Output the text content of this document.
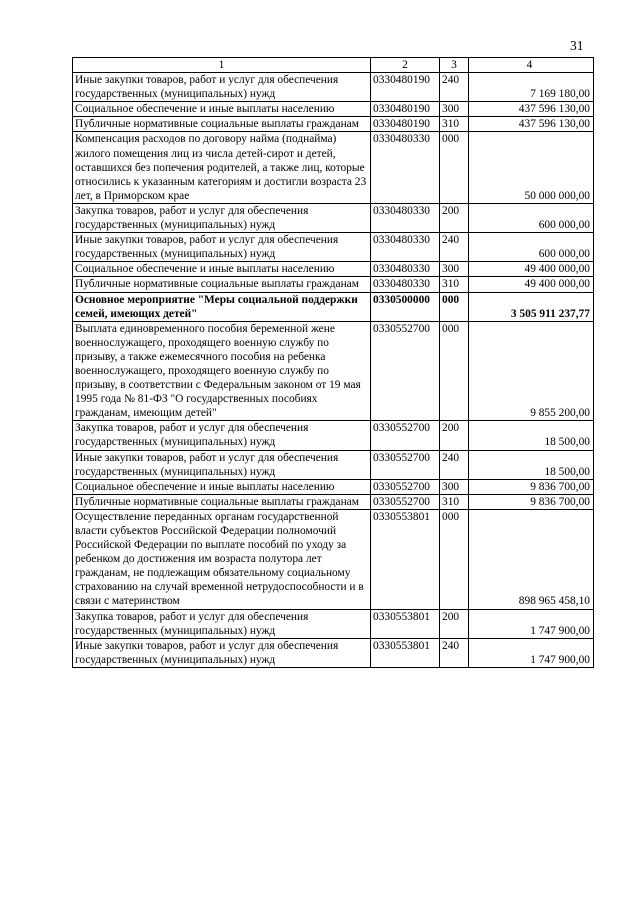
31
1	2	3	4
Иные закупки товаров, работ и услуг для обеспечения государственных (муниципальных) нужд	0330480190	240	7 169 180,00
Социальное обеспечение и иные выплаты населению	0330480190	300	437 596 130,00
Публичные нормативные социальные выплаты гражданам	0330480190	310	437 596 130,00
Компенсация расходов по договору найма (поднайма) жилого помещения лиц из числа детей-сирот и детей, оставшихся без попечения родителей, а также лиц, которые относились к указанным категориям и достигли возраста 23 лет, в Приморском крае	0330480330	000	50 000 000,00
Закупка товаров, работ и услуг для обеспечения государственных (муниципальных) нужд	0330480330	200	600 000,00
Иные закупки товаров, работ и услуг для обеспечения государственных (муниципальных) нужд	0330480330	240	600 000,00
Социальное обеспечение и иные выплаты населению	0330480330	300	49 400 000,00
Публичные нормативные социальные выплаты гражданам	0330480330	310	49 400 000,00
Основное мероприятие "Меры социальной поддержки семей, имеющих детей"	0330500000	000	3 505 911 237,77
Выплата единовременного пособия беременной жене военнослужащего, проходящего военную службу по призыву, а также ежемесячного пособия на ребенка военнослужащего, проходящего военную службу по призыву, в соответствии с Федеральным законом от 19 мая 1995 года № 81-ФЗ "О государственных пособиях гражданам, имеющим детей"	0330552700	000	9 855 200,00
Закупка товаров, работ и услуг для обеспечения государственных (муниципальных) нужд	0330552700	200	18 500,00
Иные закупки товаров, работ и услуг для обеспечения государственных (муниципальных) нужд	0330552700	240	18 500,00
Социальное обеспечение и иные выплаты населению	0330552700	300	9 836 700,00
Публичные нормативные социальные выплаты гражданам	0330552700	310	9 836 700,00
Осуществление переданных органам государственной власти субъектов Российской Федерации полномочий Российской Федерации по выплате пособий по уходу за ребенком до достижения им возраста полутора лет гражданам, не подлежащим обязательному социальному страхованию на случай временной нетрудоспособности и в связи с материнством	0330553801	000	898 965 458,10
Закупка товаров, работ и услуг для обеспечения государственных (муниципальных) нужд	0330553801	200	1 747 900,00
Иные закупки товаров, работ и услуг для обеспечения государственных (муниципальных) нужд	0330553801	240	1 747 900,00
